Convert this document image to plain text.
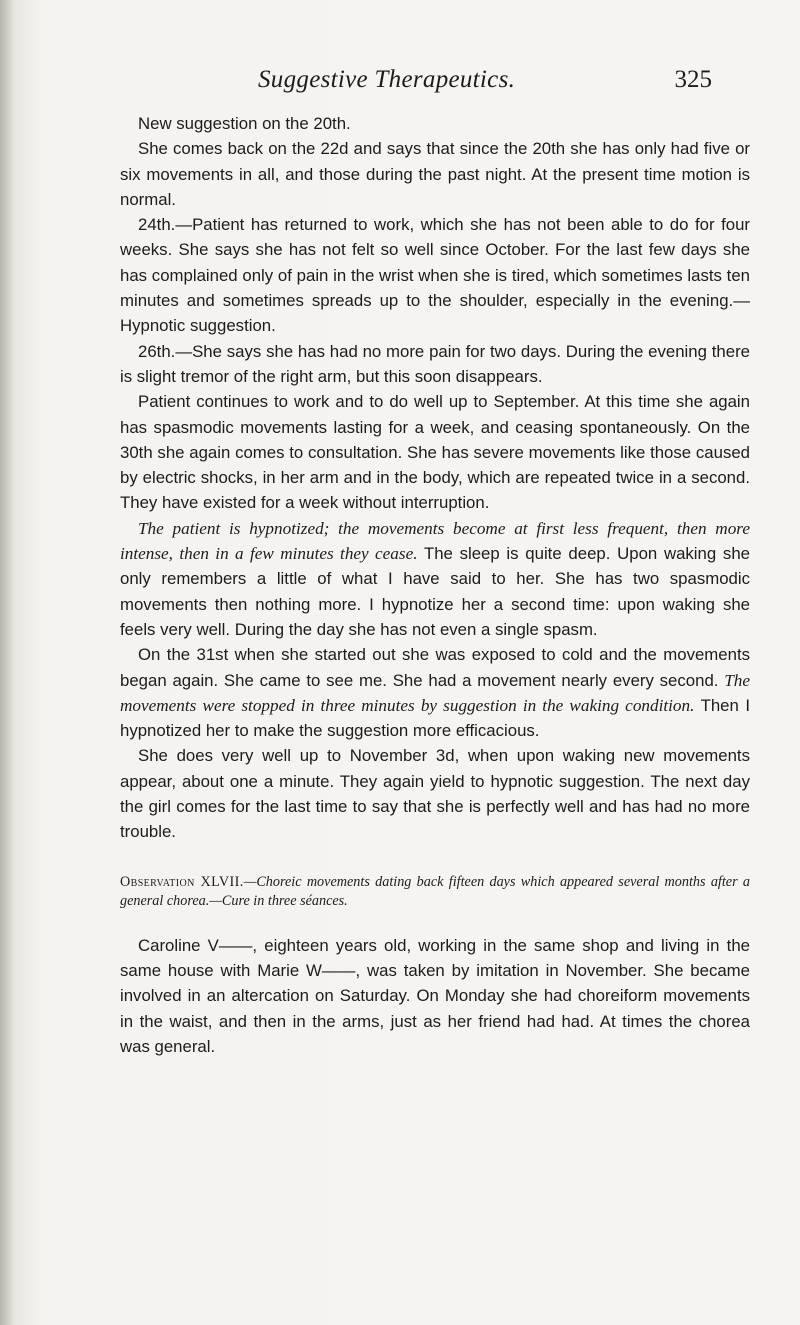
Suggestive Therapeutics.	325

New suggestion on the 20th.

She comes back on the 22d and says that since the 20th she has only had five or six movements in all, and those during the past night. At the present time motion is normal.

24th.—Patient has returned to work, which she has not been able to do for four weeks. She says she has not felt so well since October. For the last few days she has complained only of pain in the wrist when she is tired, which sometimes lasts ten minutes and sometimes spreads up to the shoulder, especially in the evening.—Hypnotic suggestion.

26th.—She says she has had no more pain for two days. During the evening there is slight tremor of the right arm, but this soon disappears.

Patient continues to work and to do well up to September. At this time she again has spasmodic movements lasting for a week, and ceasing spontaneously. On the 30th she again comes to consultation. She has severe movements like those caused by electric shocks, in her arm and in the body, which are repeated twice in a second. They have existed for a week without interruption.

The patient is hypnotized; the movements become at first less frequent, then more intense, then in a few minutes they cease. The sleep is quite deep. Upon waking she only remembers a little of what I have said to her. She has two spasmodic movements then nothing more. I hypnotize her a second time: upon waking she feels very well. During the day she has not even a single spasm.

On the 31st when she started out she was exposed to cold and the movements began again. She came to see me. She had a movement nearly every second. The movements were stopped in three minutes by suggestion in the waking condition. Then I hypnotized her to make the suggestion more efficacious.

She does very well up to November 3d, when upon waking new movements appear, about one a minute. They again yield to hypnotic suggestion. The next day the girl comes for the last time to say that she is perfectly well and has had no more trouble.

Observation XLVII.—Choreic movements dating back fifteen days which appeared several months after a general chorea.—Cure in three séances.

Caroline V——, eighteen years old, working in the same shop and living in the same house with Marie W——, was taken by imitation in November. She became involved in an altercation on Saturday. On Monday she had choreiform movements in the waist, and then in the arms, just as her friend had had. At times the chorea was general.
